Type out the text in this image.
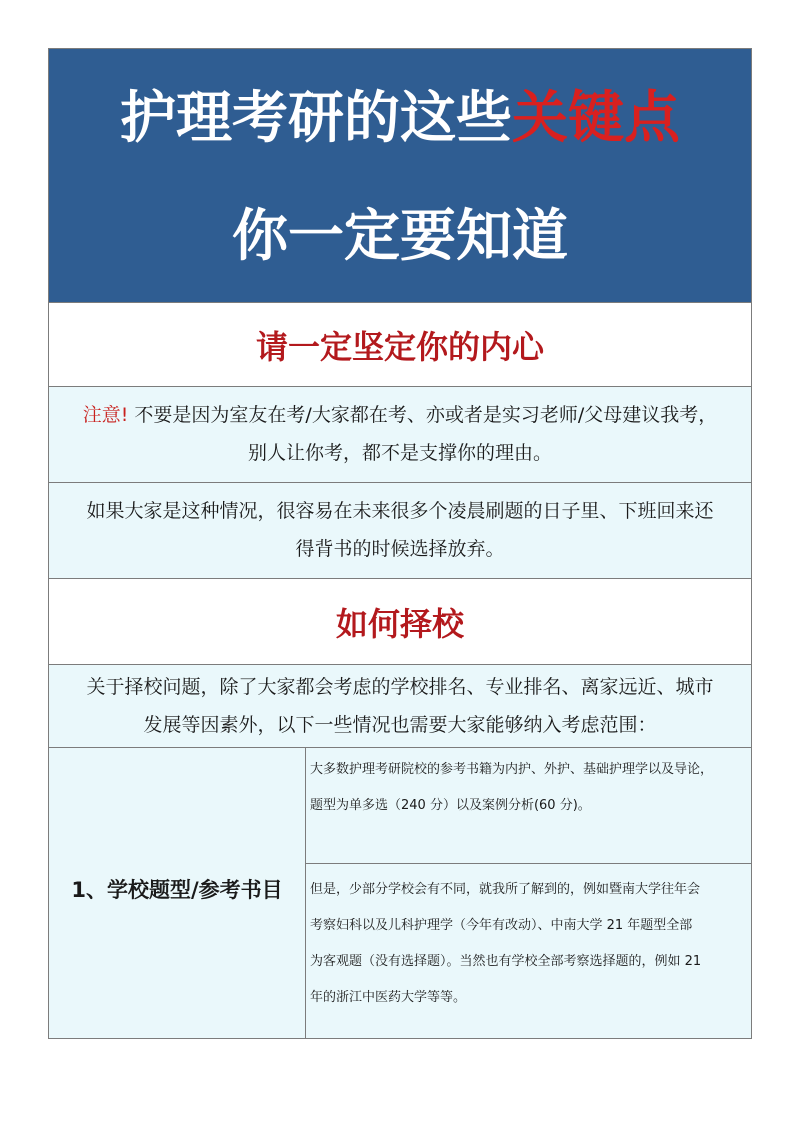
护理考研的这些关键点
你一定要知道
请一定坚定你的内心
注意! 不要是因为室友在考/大家都在考、亦或者是实习老师/父母建议我考，
别人让你考，都不是支撑你的理由。
如果大家是这种情况，很容易在未来很多个凌晨刷题的日子里、下班回来还
得背书的时候选择放弃。
如何择校
关于择校问题，除了大家都会考虑的学校排名、专业排名、离家远近、城市
发展等因素外，以下一些情况也需要大家能够纳入考虑范围：
1、学校题型/参考书目
大多数护理考研院校的参考书籍为内护、外护、基础护理学以及导论，
题型为单多选（240 分）以及案例分析(60 分)。
但是，少部分学校会有不同，就我所了解到的，例如暨南大学往年会
考察妇科以及儿科护理学（今年有改动）、中南大学 21 年题型全部
为客观题（没有选择题）。当然也有学校全部考察选择题的，例如 21
年的浙江中医药大学等等。
